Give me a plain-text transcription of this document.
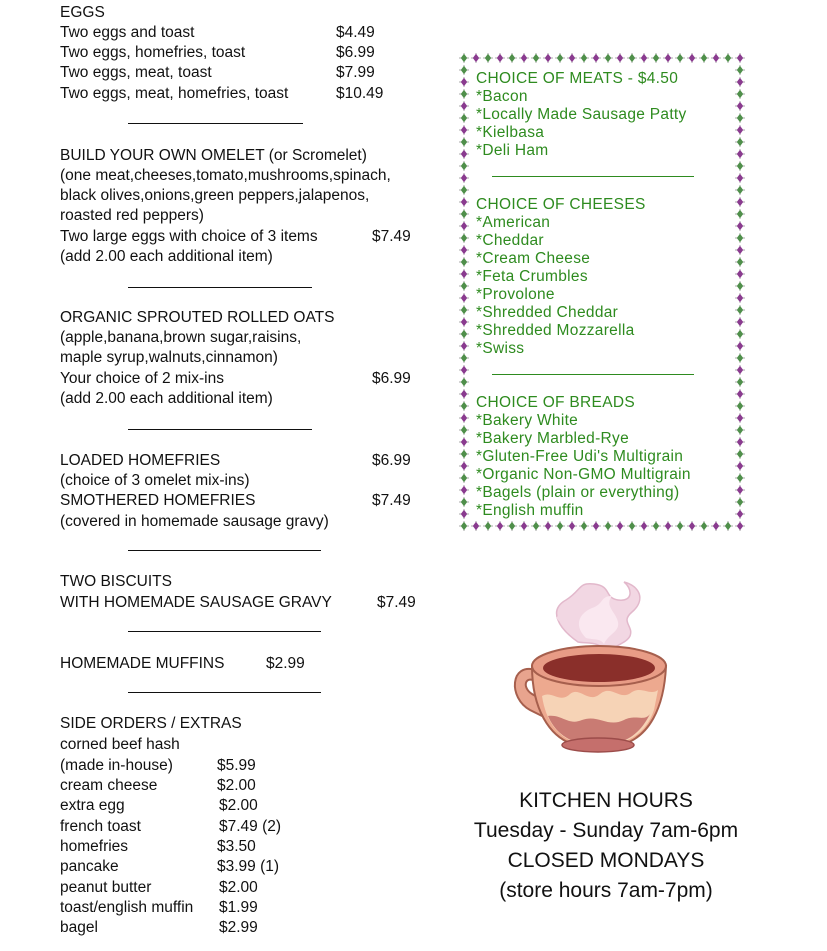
EGGS
Two eggs and toast	$4.49
Two eggs, homefries, toast	$6.99
Two eggs, meat, toast	$7.99
Two eggs, meat, homefries, toast	$10.49
BUILD YOUR OWN OMELET (or Scromelet)
(one meat,cheeses,tomato,mushrooms,spinach,
black olives,onions,green peppers,jalapenos,
roasted red peppers)
Two large eggs with choice of 3 items	$7.49
(add 2.00 each additional item)
ORGANIC SPROUTED ROLLED OATS
(apple,banana,brown sugar,raisins,
maple syrup,walnuts,cinnamon)
Your choice of 2 mix-ins	$6.99
(add 2.00 each additional item)
LOADED HOMEFRIES	$6.99
(choice of 3 omelet mix-ins)
SMOTHERED HOMEFRIES	$7.49
(covered in homemade sausage gravy)
TWO BISCUITS
WITH HOMEMADE SAUSAGE GRAVY	$7.49
HOMEMADE MUFFINS	$2.99
SIDE ORDERS / EXTRAS
corned beef hash
(made in-house)	$5.99
cream cheese	$2.00
extra egg	$2.00
french toast	$7.49 (2)
homefries	$3.50
pancake	$3.99 (1)
peanut butter	$2.00
toast/english muffin $1.99
bagel	$2.99
CHOICE OF MEATS - $4.50
*Bacon
*Locally Made Sausage Patty
*Kielbasa
*Deli Ham
CHOICE OF CHEESES
*American
*Cheddar
*Cream Cheese
*Feta Crumbles
*Provolone
*Shredded Cheddar
*Shredded Mozzarella
*Swiss
CHOICE OF BREADS
*Bakery White
*Bakery Marbled-Rye
*Gluten-Free Udi's Multigrain
*Organic Non-GMO Multigrain
*Bagels (plain or everything)
*English muffin
KITCHEN HOURS
Tuesday - Sunday 7am-6pm
CLOSED MONDAYS
(store hours 7am-7pm)
